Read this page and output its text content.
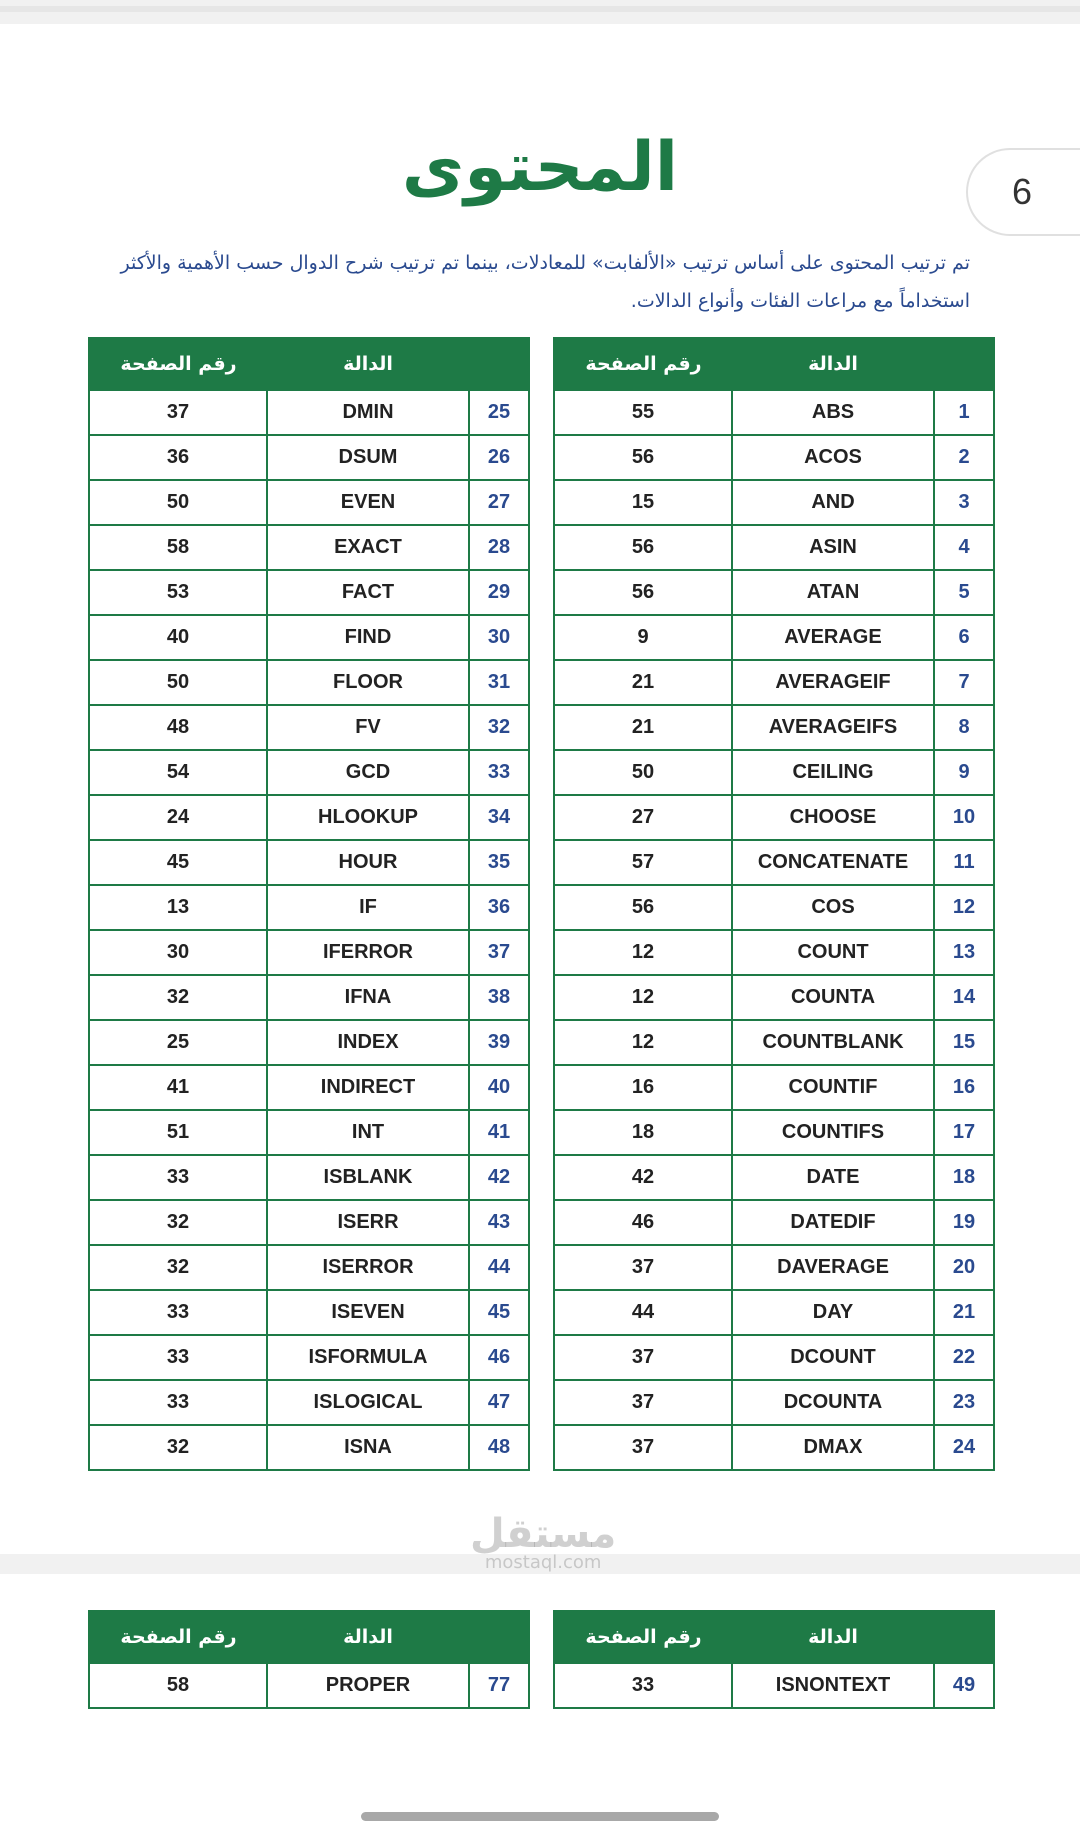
6
المحتوى
تم ترتيب المحتوى على أساس ترتيب «الألفابت» للمعادلات، بينما تم ترتيب شرح الدوال حسب الأهمية والأكثر استخداماً مع مراعات الفئات وأنواع الدالات.
رقم الصفحة	الدالة	
37	DMIN	25
36	DSUM	26
50	EVEN	27
58	EXACT	28
53	FACT	29
40	FIND	30
50	FLOOR	31
48	FV	32
54	GCD	33
24	HLOOKUP	34
45	HOUR	35
13	IF	36
30	IFERROR	37
32	IFNA	38
25	INDEX	39
41	INDIRECT	40
51	INT	41
33	ISBLANK	42
32	ISERR	43
32	ISERROR	44
33	ISEVEN	45
33	ISFORMULA	46
33	ISLOGICAL	47
32	ISNA	48
رقم الصفحة	الدالة	
55	ABS	1
56	ACOS	2
15	AND	3
56	ASIN	4
56	ATAN	5
9	AVERAGE	6
21	AVERAGEIF	7
21	AVERAGEIFS	8
50	CEILING	9
27	CHOOSE	10
57	CONCATENATE	11
56	COS	12
12	COUNT	13
12	COUNTA	14
12	COUNTBLANK	15
16	COUNTIF	16
18	COUNTIFS	17
42	DATE	18
46	DATEDIF	19
37	DAVERAGE	20
44	DAY	21
37	DCOUNT	22
37	DCOUNTA	23
37	DMAX	24
رقم الصفحة	الدالة	
58	PROPER	77
رقم الصفحة	الدالة	
33	ISNONTEXT	49
مستقل
mostaql.com
